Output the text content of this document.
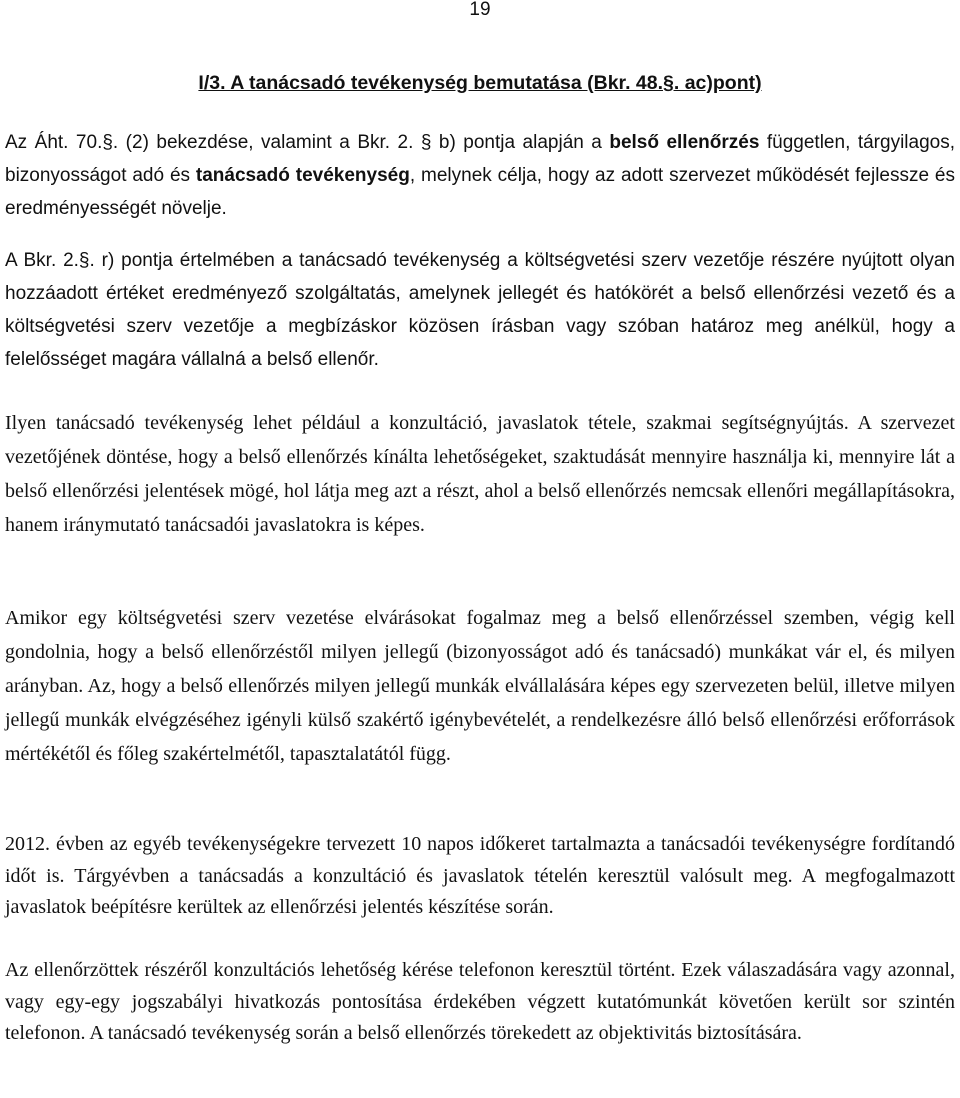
19
I/3. A tanácsadó tevékenység bemutatása (Bkr. 48.§. ac)pont)

Az Áht. 70.§. (2) bekezdése, valamint a Bkr. 2. § b) pontja alapján a belső ellenőrzés független, tárgyilagos, bizonyosságot adó és tanácsadó tevékenység, melynek célja, hogy az adott szervezet működését fejlessze és eredményességét növelje.

A Bkr. 2.§. r) pontja értelmében a tanácsadó tevékenység a költségvetési szerv vezetője részére nyújtott olyan hozzáadott értéket eredményező szolgáltatás, amelynek jellegét és hatókörét a belső ellenőrzési vezető és a költségvetési szerv vezetője a megbízáskor közösen írásban vagy szóban határoz meg anélkül, hogy a felelősséget magára vállalná a belső ellenőr.

Ilyen tanácsadó tevékenység lehet például a konzultáció, javaslatok tétele, szakmai segítségnyújtás. A szervezet vezetőjének döntése, hogy a belső ellenőrzés kínálta lehetőségeket, szaktudását mennyire használja ki, mennyire lát a belső ellenőrzési jelentések mögé, hol látja meg azt a részt, ahol a belső ellenőrzés nemcsak ellenőri megállapításokra, hanem iránymutató tanácsadói javaslatokra is képes.

Amikor egy költségvetési szerv vezetése elvárásokat fogalmaz meg a belső ellenőrzéssel szemben, végig kell gondolnia, hogy a belső ellenőrzéstől milyen jellegű (bizonyosságot adó és tanácsadó) munkákat vár el, és milyen arányban. Az, hogy a belső ellenőrzés milyen jellegű munkák elvállalására képes egy szervezeten belül, illetve milyen jellegű munkák elvégzéséhez igényli külső szakértő igénybevételét, a rendelkezésre álló belső ellenőrzési erőforrások mértékétől és főleg szakértelmétől, tapasztalatától függ.

2012. évben az egyéb tevékenységekre tervezett 10 napos időkeret tartalmazta a tanácsadói tevékenységre fordítandó időt is. Tárgyévben a tanácsadás a konzultáció és javaslatok tételén keresztül valósult meg. A megfogalmazott javaslatok beépítésre kerültek az ellenőrzési jelentés készítése során.

Az ellenőrzöttek részéről konzultációs lehetőség kérése telefonon keresztül történt. Ezek válaszadására vagy azonnal, vagy egy-egy jogszabályi hivatkozás pontosítása érdekében végzett kutatómunkát követően került sor szintén telefonon. A tanácsadó tevékenység során a belső ellenőrzés törekedett az objektivitás biztosítására.
